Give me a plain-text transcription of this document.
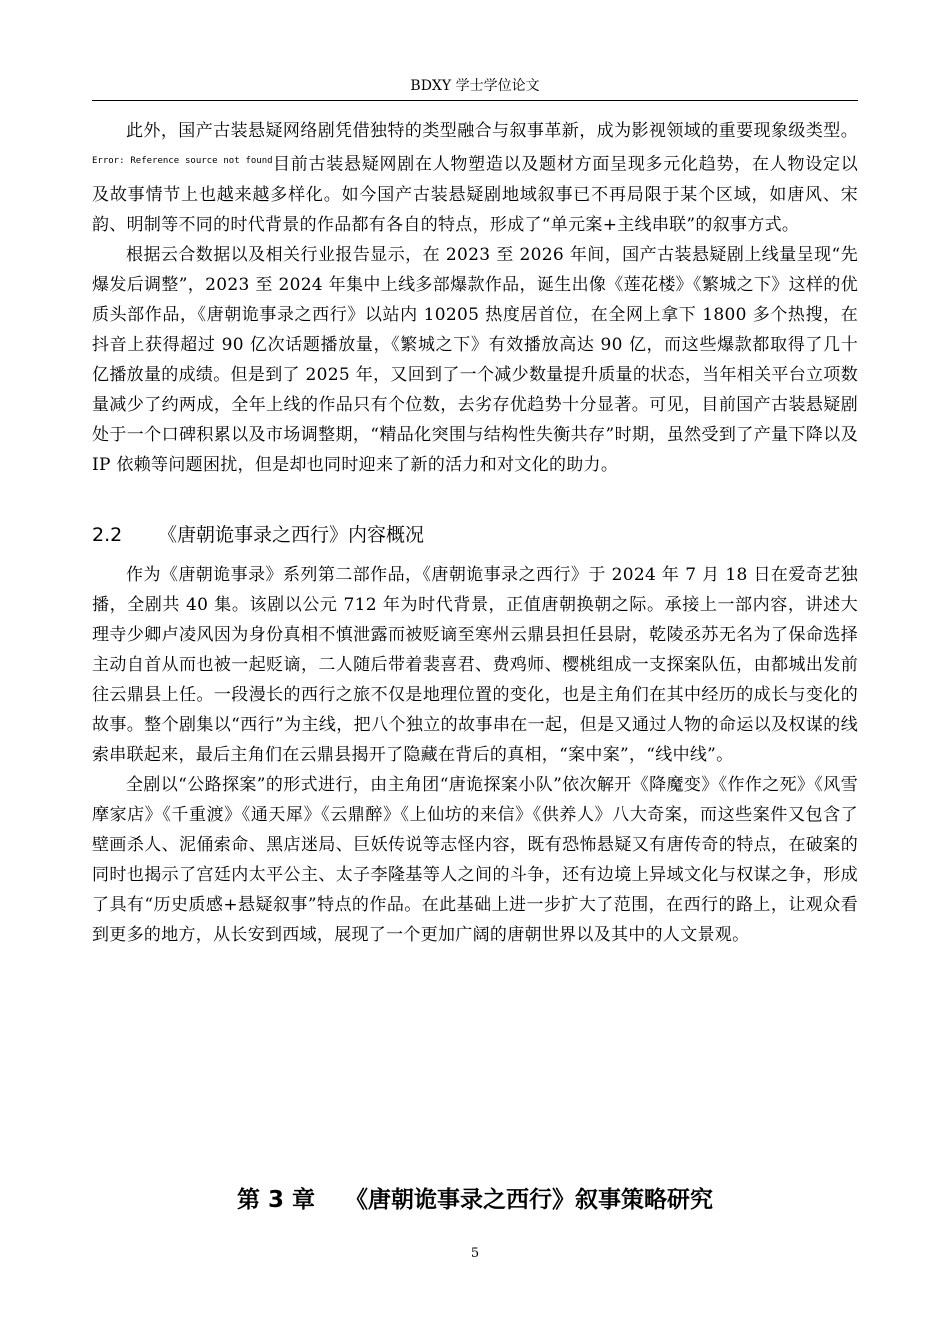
BDXY 学士学位论文

此外，国产古装悬疑网络剧凭借独特的类型融合与叙事革新，成为影视领域的重要现象级类型。$^{Error: Reference source not found}$目前古装悬疑网剧在人物塑造以及题材方面呈现多元化趋势，在人物设定以及故事情节上也越来越多样化。如今国产古装悬疑剧地域叙事已不再局限于某个区域，如唐风、宋韵、明制等不同的时代背景的作品都有各自的特点，形成了“单元案+主线串联”的叙事方式。

根据云合数据以及相关行业报告显示，在 2023 至 2026 年间，国产古装悬疑剧上线量呈现“先爆发后调整”，2023 至 2024 年集中上线多部爆款作品，诞生出像《莲花楼》《繁城之下》这样的优质头部作品，《唐朝诡事录之西行》以站内 10205 热度居首位，在全网上拿下 1800 多个热搜，在抖音上获得超过 90 亿次话题播放量，《繁城之下》有效播放高达 90 亿，而这些爆款都取得了几十亿播放量的成绩。但是到了 2025 年，又回到了一个减少数量提升质量的状态，当年相关平台立项数量减少了约两成，全年上线的作品只有个位数，去劣存优趋势十分显著。可见，目前国产古装悬疑剧处于一个口碑积累以及市场调整期，“精品化突围与结构性失衡共存”时期，虽然受到了产量下降以及 IP 依赖等问题困扰，但是却也同时迎来了新的活力和对文化的助力。

2.2 《唐朝诡事录之西行》内容概况

作为《唐朝诡事录》系列第二部作品，《唐朝诡事录之西行》于 2024 年 7 月 18 日在爱奇艺独播，全剧共 40 集。该剧以公元 712 年为时代背景，正值唐朝换朝之际。承接上一部内容，讲述大理寺少卿卢凌风因为身份真相不慎泄露而被贬谪至寒州云鼎县担任县尉，乾陵丞苏无名为了保命选择主动自首从而也被一起贬谪，二人随后带着裴喜君、费鸡师、樱桃组成一支探案队伍，由都城出发前往云鼎县上任。一段漫长的西行之旅不仅是地理位置的变化，也是主角们在其中经历的成长与变化的故事。整个剧集以“西行”为主线，把八个独立的故事串在一起，但是又通过人物的命运以及权谋的线索串联起来，最后主角们在云鼎县揭开了隐藏在背后的真相，“案中案”，“线中线”。

全剧以“公路探案”的形式进行，由主角团“唐诡探案小队”依次解开《降魔变》《作作之死》《风雪摩家店》《千重渡》《通天犀》《云鼎醉》《上仙坊的来信》《供养人》八大奇案，而这些案件又包含了壁画杀人、泥俑索命、黑店迷局、巨妖传说等志怪内容，既有恐怖悬疑又有唐传奇的特点，在破案的同时也揭示了宫廷内太平公主、太子李隆基等人之间的斗争，还有边境上异域文化与权谋之争，形成了具有“历史质感+悬疑叙事”特点的作品。在此基础上进一步扩大了范围，在西行的路上，让观众看到更多的地方，从长安到西域，展现了一个更加广阔的唐朝世界以及其中的人文景观。

第 3 章 《唐朝诡事录之西行》叙事策略研究
5
